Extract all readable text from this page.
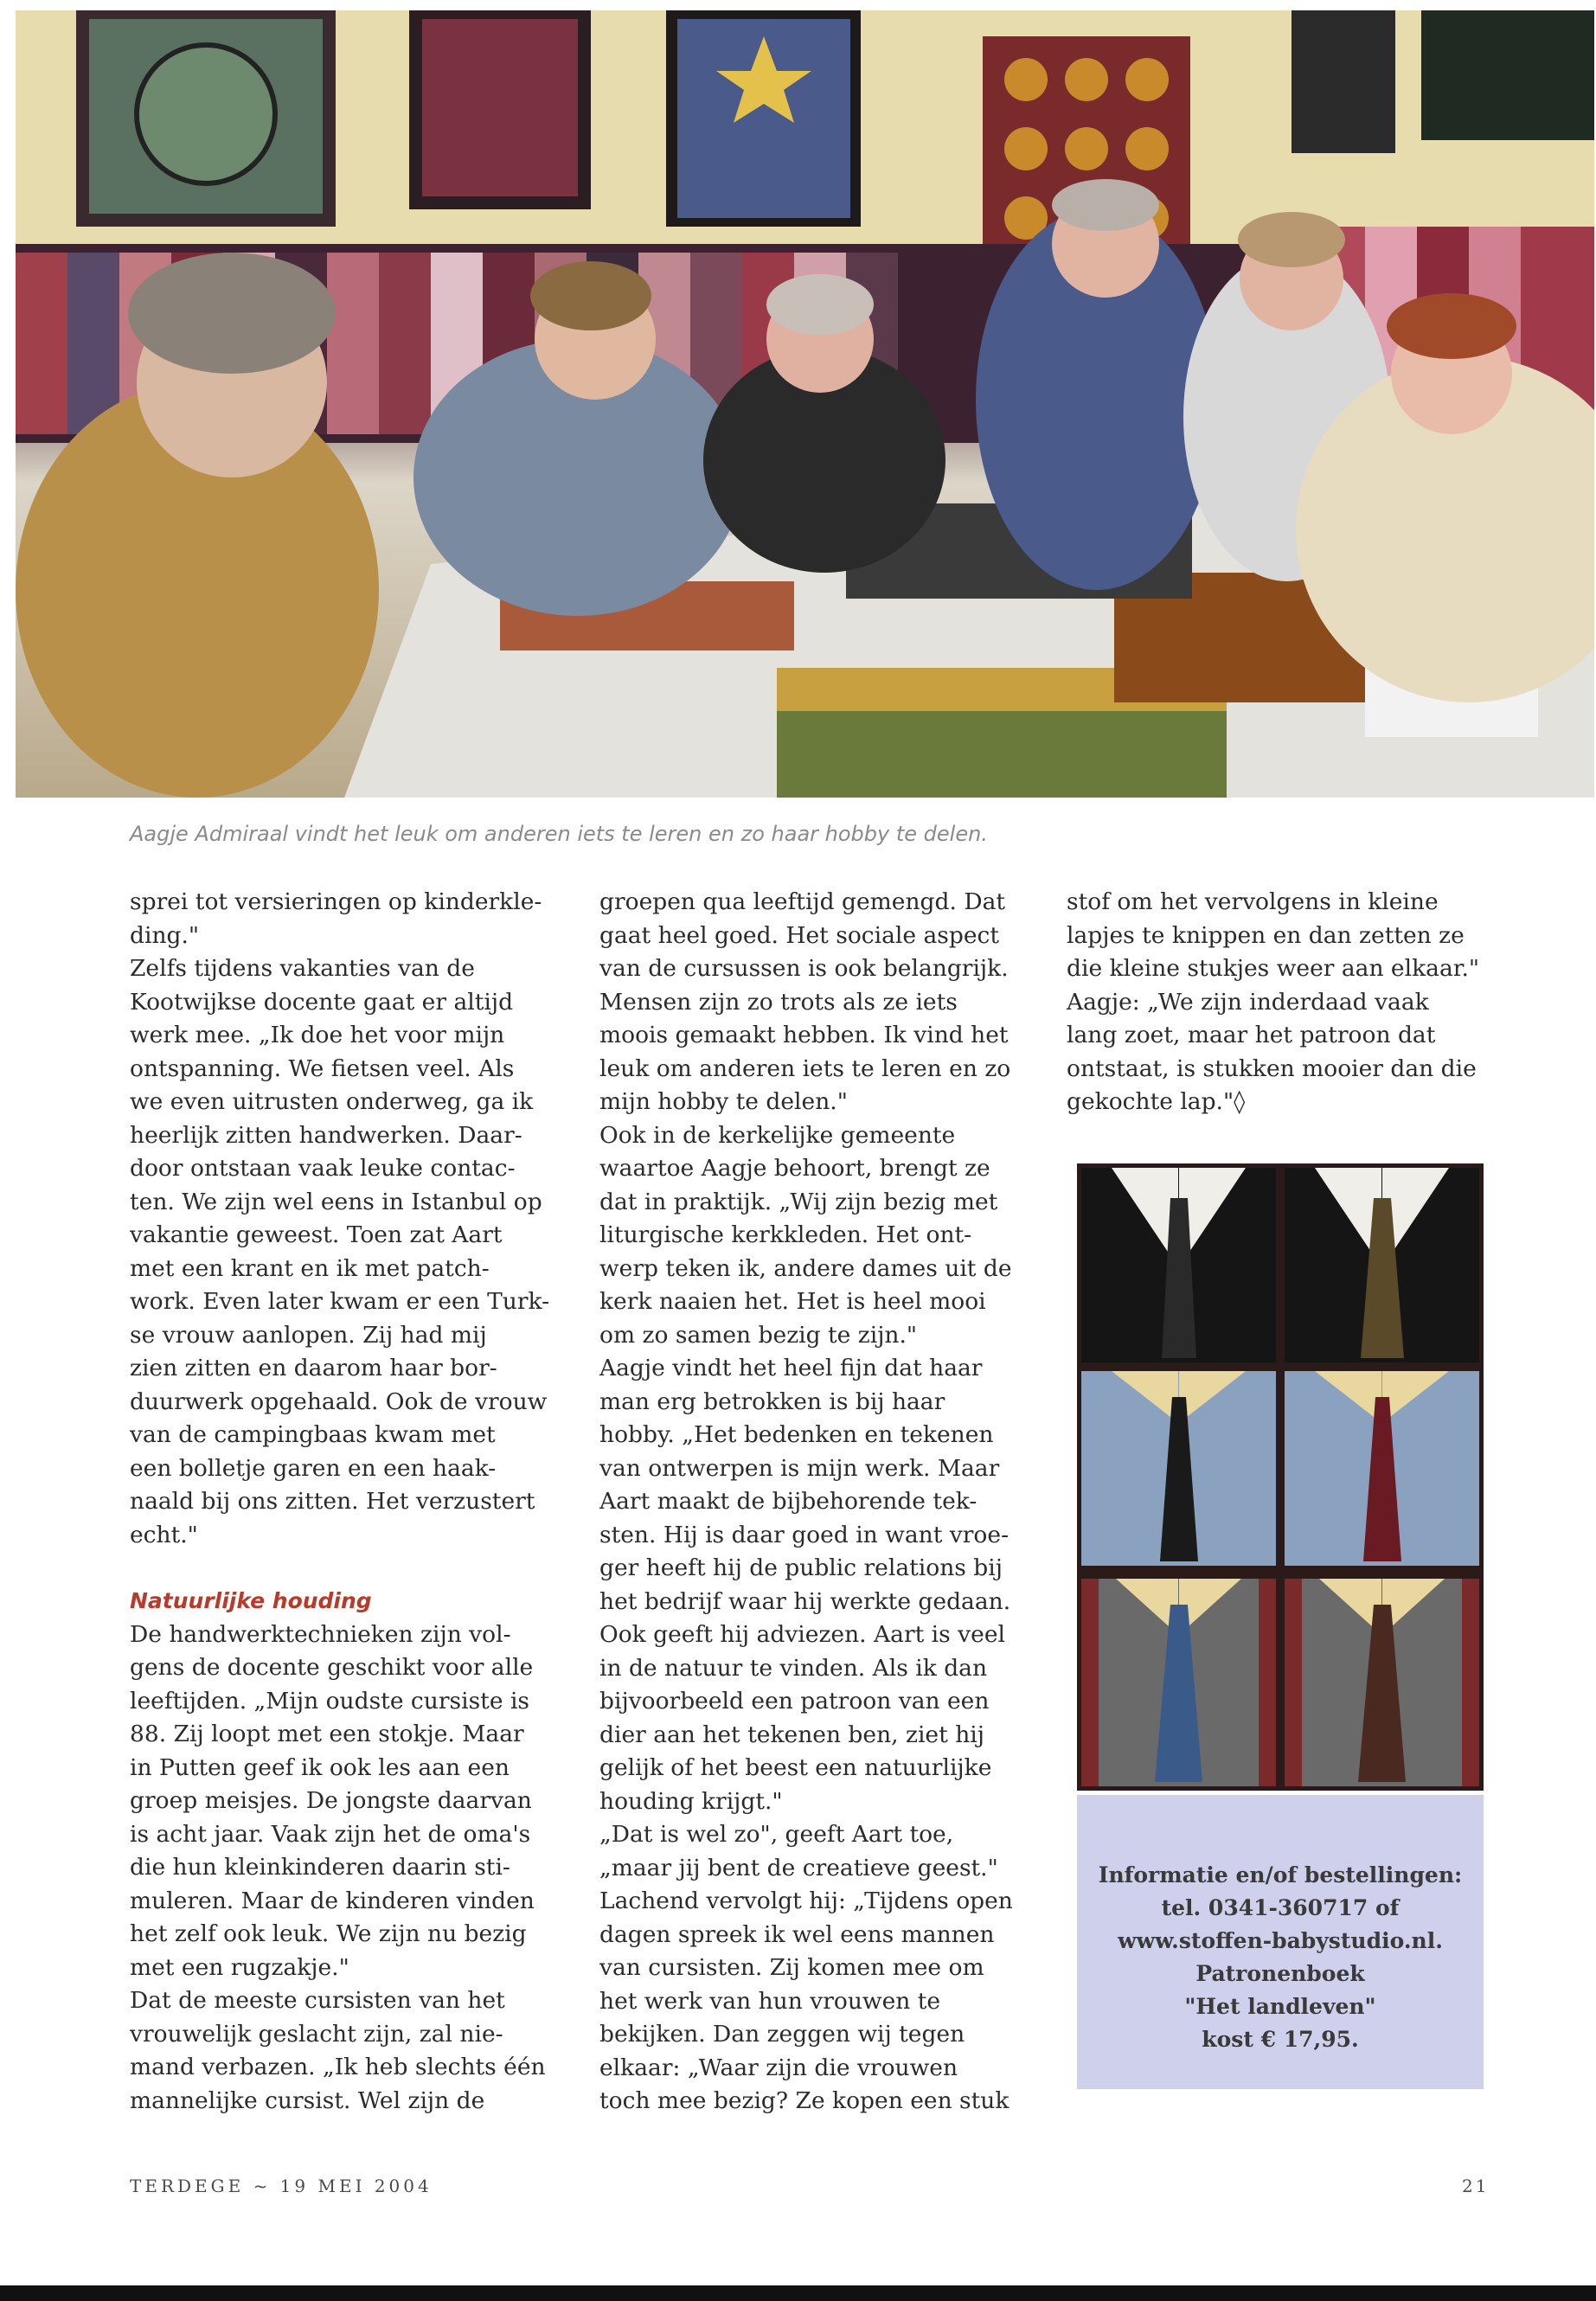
Aagje Admiraal vindt het leuk om anderen iets te leren en zo haar hobby te delen.

sprei tot versieringen op kinderkle-

ding."

Zelfs tijdens vakanties van de

Kootwijkse docente gaat er altijd

werk mee. „Ik doe het voor mijn

ontspanning. We fietsen veel. Als

we even uitrusten onderweg, ga ik

heerlijk zitten handwerken. Daar-

door ontstaan vaak leuke contac-

ten. We zijn wel eens in Istanbul op

vakantie geweest. Toen zat Aart

met een krant en ik met patch-

work. Even later kwam er een Turk-

se vrouw aanlopen. Zij had mij

zien zitten en daarom haar bor-

duurwerk opgehaald. Ook de vrouw

van de campingbaas kwam met

een bolletje garen en een haak-

naald bij ons zitten. Het verzustert

echt."

Natuurlijke houding

De handwerktechnieken zijn vol-

gens de docente geschikt voor alle

leeftijden. „Mijn oudste cursiste is

88. Zij loopt met een stokje. Maar

in Putten geef ik ook les aan een

groep meisjes. De jongste daarvan

is acht jaar. Vaak zijn het de oma's

die hun kleinkinderen daarin sti-

muleren. Maar de kinderen vinden

het zelf ook leuk. We zijn nu bezig

met een rugzakje."

Dat de meeste cursisten van het

vrouwelijk geslacht zijn, zal nie-

mand verbazen. „Ik heb slechts één

mannelijke cursist. Wel zijn de

groepen qua leeftijd gemengd. Dat

gaat heel goed. Het sociale aspect

van de cursussen is ook belangrijk.

Mensen zijn zo trots als ze iets

moois gemaakt hebben. Ik vind het

leuk om anderen iets te leren en zo

mijn hobby te delen."

Ook in de kerkelijke gemeente

waartoe Aagje behoort, brengt ze

dat in praktijk. „Wij zijn bezig met

liturgische kerkkleden. Het ont-

werp teken ik, andere dames uit de

kerk naaien het. Het is heel mooi

om zo samen bezig te zijn."

Aagje vindt het heel fijn dat haar

man erg betrokken is bij haar

hobby. „Het bedenken en tekenen

van ontwerpen is mijn werk. Maar

Aart maakt de bijbehorende tek-

sten. Hij is daar goed in want vroe-

ger heeft hij de public relations bij

het bedrijf waar hij werkte gedaan.

Ook geeft hij adviezen. Aart is veel

in de natuur te vinden. Als ik dan

bijvoorbeeld een patroon van een

dier aan het tekenen ben, ziet hij

gelijk of het beest een natuurlijke

houding krijgt."

„Dat is wel zo", geeft Aart toe,

„maar jij bent de creatieve geest."

Lachend vervolgt hij: „Tijdens open

dagen spreek ik wel eens mannen

van cursisten. Zij komen mee om

het werk van hun vrouwen te

bekijken. Dan zeggen wij tegen

elkaar: „Waar zijn die vrouwen

toch mee bezig? Ze kopen een stuk

stof om het vervolgens in kleine

lapjes te knippen en dan zetten ze

die kleine stukjes weer aan elkaar."

Aagje: „We zijn inderdaad vaak

lang zoet, maar het patroon dat

ontstaat, is stukken mooier dan die

gekochte lap."◊

Informatie en/of bestellingen:

tel. 0341-360717 of

www.stoffen-babystudio.nl.

Patronenboek

"Het landleven"

kost € 17,95.

TERDEGE ~ 19 MEI 2004	21
